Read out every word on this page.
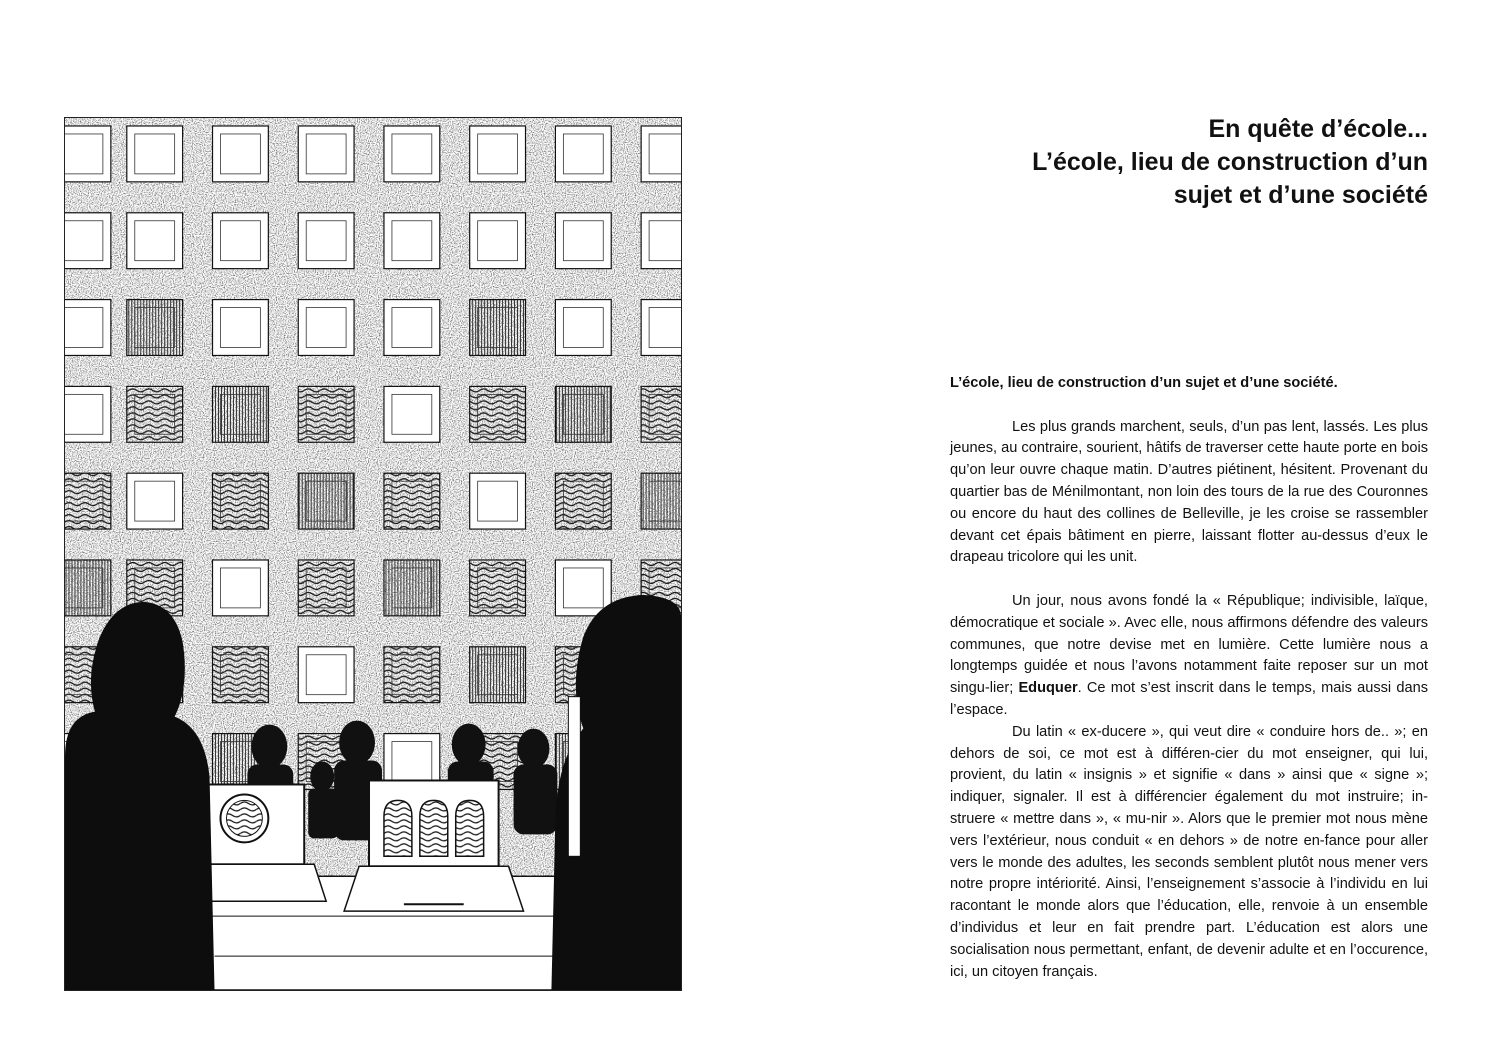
En quête d’école...
L’école, lieu de construction d’un
sujet et d’une société
L’école, lieu de construction d’un sujet et d’une société.

Les plus grands marchent, seuls, d’un pas lent, lassés. Les plus jeunes, au contraire, sourient, hâtifs de traverser cette haute porte en bois qu’on leur ouvre chaque matin. D’autres piétinent, hésitent. Provenant du quartier bas de Ménilmontant, non loin des tours de la rue des Couronnes ou encore du haut des collines de Belleville, je les croise se rassembler devant cet épais bâtiment en pierre, laissant flotter au-dessus d’eux le drapeau tricolore qui les unit.

Un jour, nous avons fondé la « République; indivisible, laïque, démocratique et sociale ». Avec elle, nous affirmons défendre des valeurs communes, que notre devise met en lumière. Cette lumière nous a longtemps guidée et nous l’avons notamment faite reposer sur un mot singu-lier; Eduquer. Ce mot s’est inscrit dans le temps, mais aussi dans l’espace.

Du latin « ex-ducere », qui veut dire « conduire hors de.. »; en dehors de soi, ce mot est à différen-cier du mot enseigner, qui lui, provient, du latin « insignis » et signifie « dans » ainsi que « signe »; indiquer, signaler. Il est à différencier également du mot instruire; in-struere « mettre dans », « mu-nir ». Alors que le premier mot nous mène vers l’extérieur, nous conduit « en dehors » de notre en-fance pour aller vers le monde des adultes, les seconds semblent plutôt nous mener vers notre propre intériorité. Ainsi, l’enseignement s’associe à l’individu en lui racontant le monde alors que l’éducation, elle, renvoie à un ensemble d’individus et leur en fait prendre part. L’éducation est alors une socialisation nous permettant, enfant, de devenir adulte et en l’occurence, ici, un citoyen français.
